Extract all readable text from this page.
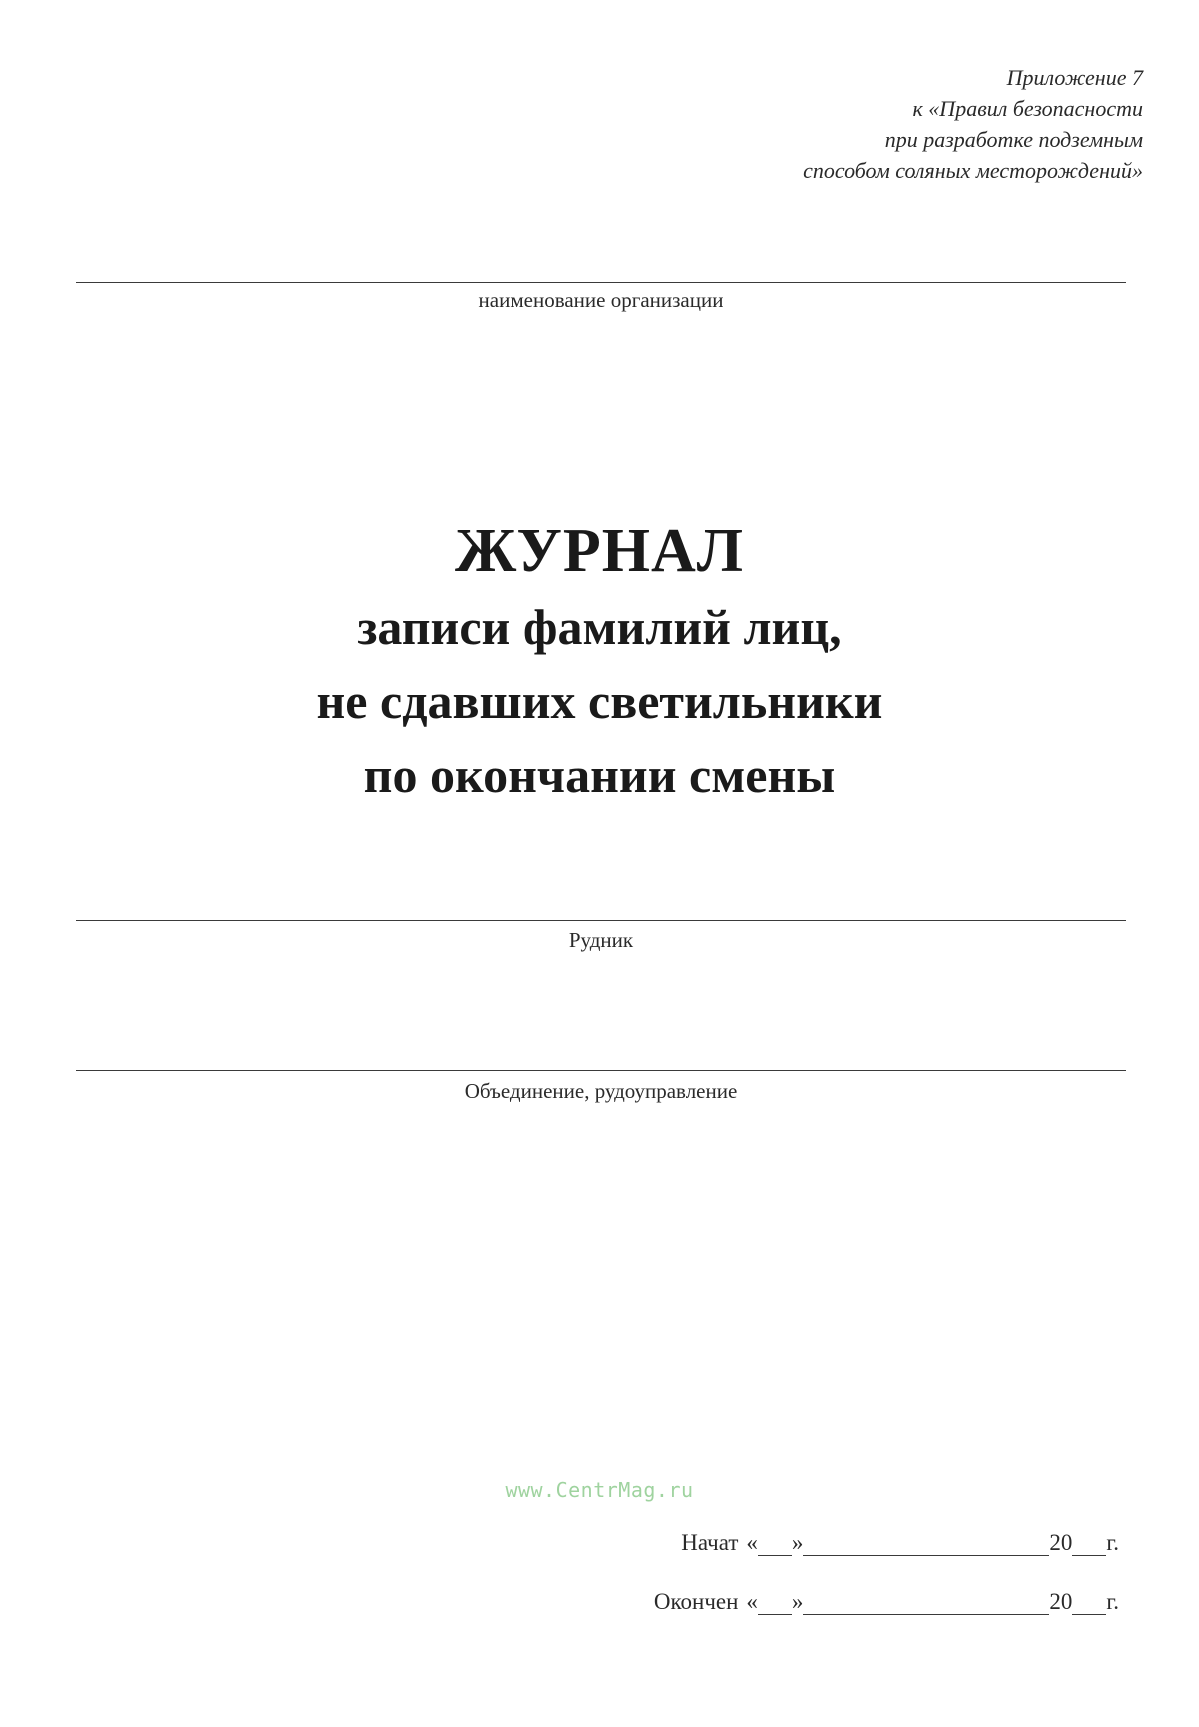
Приложение 7
к «Правил безопасности
при разработке подземным
способом соляных месторождений»
наименование организации
ЖУРНАЛ
записи фамилий лиц,
не сдавших светильники
по окончании смены
Рудник
Объединение, рудоуправление
www.CentrMag.ru
Начат « »	20 г.
Окончен « »	20 г.
